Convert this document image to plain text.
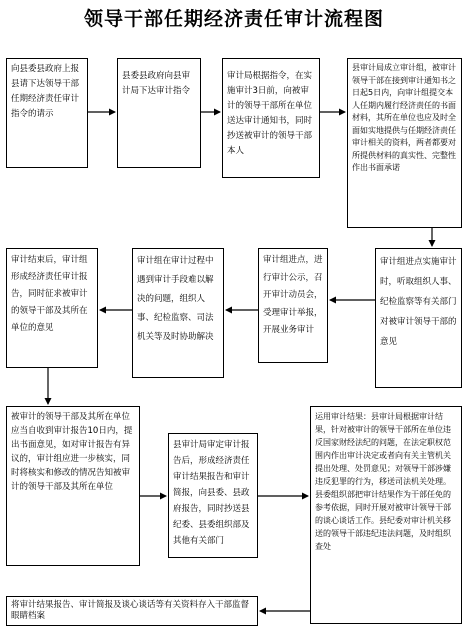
领导干部任期经济责任审计流程图
向县委县政府上报县请下达领导干部任期经济责任审计指令的请示
县委县政府向县审计局下达审计指令
审计局根据指令，在实施审计3日前，向被审计的领导干部所在单位送达审计通知书，同时抄送被审计的领导干部本人
县审计局成立审计组，被审计领导干部在接到审计通知书之日起5日内，向审计组提交本人任期内履行经济责任的书面材料，其所在单位也应及时全面如实地提供与任期经济责任审计相关的资料，两者都要对所提供材料的真实性、完整性作出书面承诺
审计结束后，审计组形成经济责任审计报告，同时征求被审计的领导干部及其所在单位的意见
审计组在审计过程中遇到审计手段难以解决的问题，组织人事、纪检监察、司法机关等及时协助解决
审计组进点，进行审计公示，召开审计动员会，受理审计举报，开展业务审计
审计组进点实施审计时，听取组织人事、纪检监察等有关部门对被审计领导干部的意见
被审计的领导干部及其所在单位应当自收到审计报告10日内，提出书面意见，如对审计报告有异议的，审计组应进一步核实，同时将核实和修改的情况告知被审计的领导干部及其所在单位
县审计局审定审计报告后，形成经济责任审计结果报告和审计简报，向县委、县政府报告，同时抄送县纪委、县委组织部及其他有关部门
运用审计结果：县审计局根据审计结果，针对被审计的领导干部所在单位违反国家财经法纪的问题，在法定职权范围内作出审计决定或者向有关主管机关提出处理、处罚意见；对领导干部涉嫌违反犯罪的行为，移送司法机关处理。县委组织部把审计结果作为干部任免的参考依据，同时开展对被审计领导干部的谈心谈话工作。县纪委对审计机关移送的领导干部违纪违法问题，及时组织查处
将审计结果报告、审计简报及谈心谈话等有关资料存入干部监督眼睛档案
